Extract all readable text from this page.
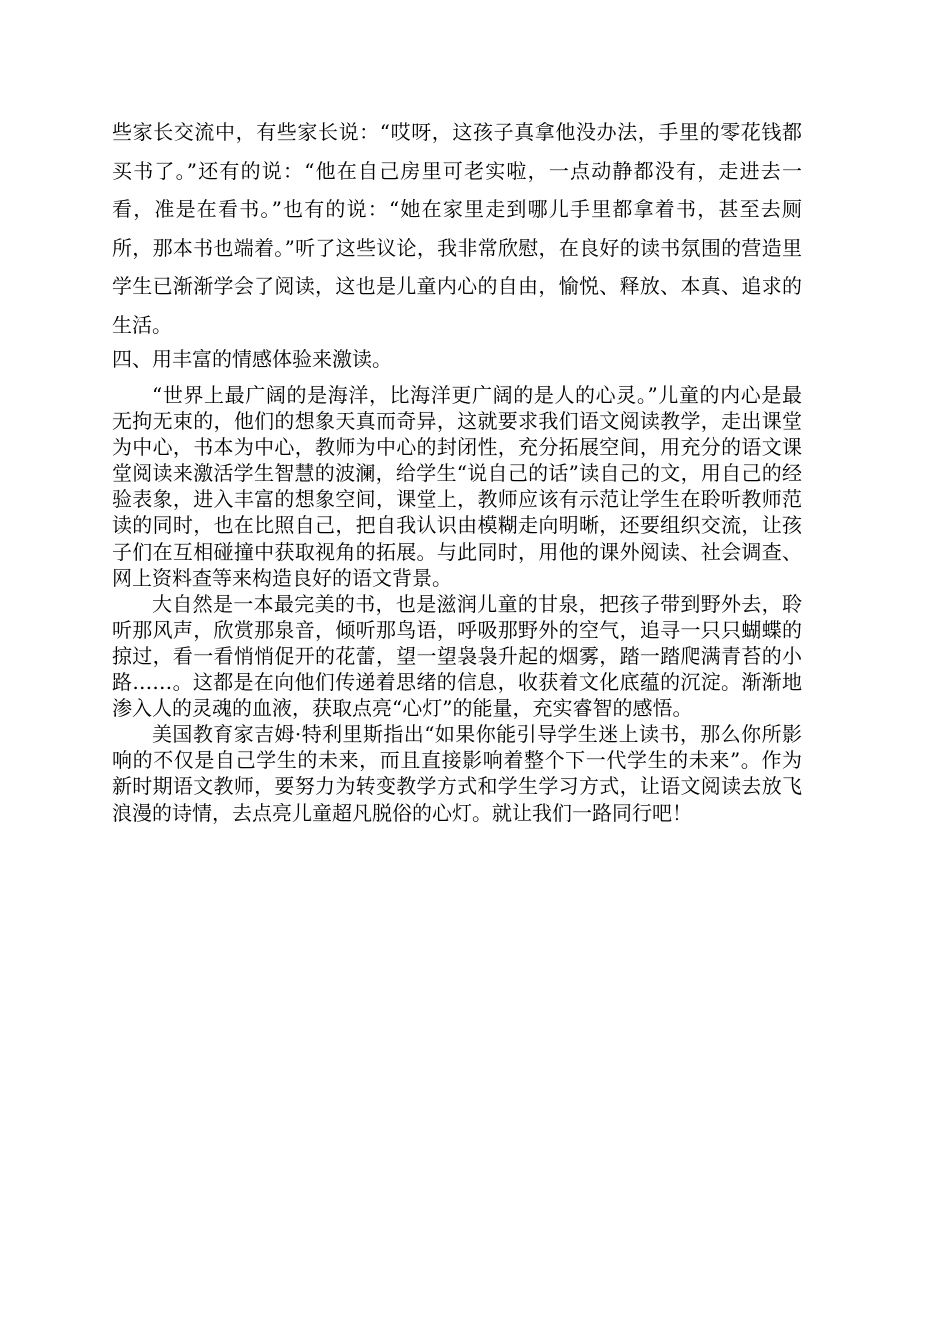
些家长交流中，有些家长说：“哎呀，这孩子真拿他没办法，手里的零花钱都买书了。”还有的说：“他在自己房里可老实啦，一点动静都没有，走进去一看，准是在看书。”也有的说：“她在家里走到哪儿手里都拿着书，甚至去厕所，那本书也端着。”听了这些议论，我非常欣慰，在良好的读书氛围的营造里学生已渐渐学会了阅读，这也是儿童内心的自由，愉悦、释放、本真、追求的生活。

四、用丰富的情感体验来激读。

“世界上最广阔的是海洋，比海洋更广阔的是人的心灵。”儿童的内心是最无拘无束的，他们的想象天真而奇异，这就要求我们语文阅读教学，走出课堂为中心，书本为中心，教师为中心的封闭性，充分拓展空间，用充分的语文课堂阅读来激活学生智慧的波澜，给学生“说自己的话”读自己的文，用自己的经验表象，进入丰富的想象空间，课堂上，教师应该有示范让学生在聆听教师范读的同时，也在比照自己，把自我认识由模糊走向明晰，还要组织交流，让孩子们在互相碰撞中获取视角的拓展。与此同时，用他的课外阅读、社会调查、网上资料查等来构造良好的语文背景。

大自然是一本最完美的书，也是滋润儿童的甘泉，把孩子带到野外去，聆听那风声，欣赏那泉音，倾听那鸟语，呼吸那野外的空气，追寻一只只蝴蝶的掠过，看一看悄悄促开的花蕾，望一望袅袅升起的烟雾，踏一踏爬满青苔的小路……。这都是在向他们传递着思绪的信息，收获着文化底蕴的沉淀。渐渐地渗入人的灵魂的血液，获取点亮“心灯”的能量，充实睿智的感悟。

美国教育家吉姆·特利里斯指出“如果你能引导学生迷上读书，那么你所影响的不仅是自己学生的未来，而且直接影响着整个下一代学生的未来”。作为新时期语文教师，要努力为转变教学方式和学生学习方式，让语文阅读去放飞浪漫的诗情，去点亮儿童超凡脱俗的心灯。就让我们一路同行吧！
